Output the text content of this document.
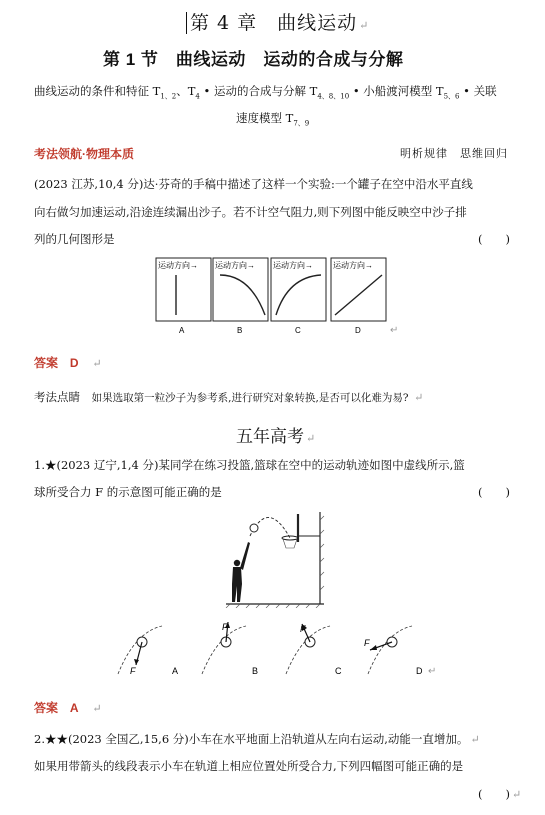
第 4 章　曲线运动 ↵
第 1 节　曲线运动　运动的合成与分解
曲线运动的条件和特征 $T_{1、2}$、$T_4$ • 运动的合成与分解 $T_{4、8、10}$ • 小船渡河模型 $T_{5、6}$ • 关联
速度模型 $T_{7、9}$
考法领航·物理本质	明析规律　思维回归
(2023 江苏,10,4 分)达·芬奇的手稿中描述了这样一个实验:一个罐子在空中沿水平直线
向右做匀加速运动,沿途连续漏出沙子。若不计空气阻力,则下列图中能反映空中沙子排
列的几何图形是	(　　)
运动方向→
A
运动方向→
B
运动方向→
C
运动方向→
D	↵
答案 D ↵
考法点睛 如果选取第一粒沙子为参考系,进行研究对象转换,是否可以化难为易? ↵
五年高考 ↵
1.★(2023 辽宁,1,4 分)某同学在练习投篮,篮球在空中的运动轨迹如图中虚线所示,篮
球所受合力 F 的示意图可能正确的是	(　　)
F	A
F
B
F
C
F
D ↵
答案 A ↵
2.★★(2023 全国乙,15,6 分)小车在水平地面上沿轨道从左向右运动,动能一直增加。 ↵
如果用带箭头的线段表示小车在轨道上相应位置处所受合力,下列四幅图可能正确的是
(　　) ↵
